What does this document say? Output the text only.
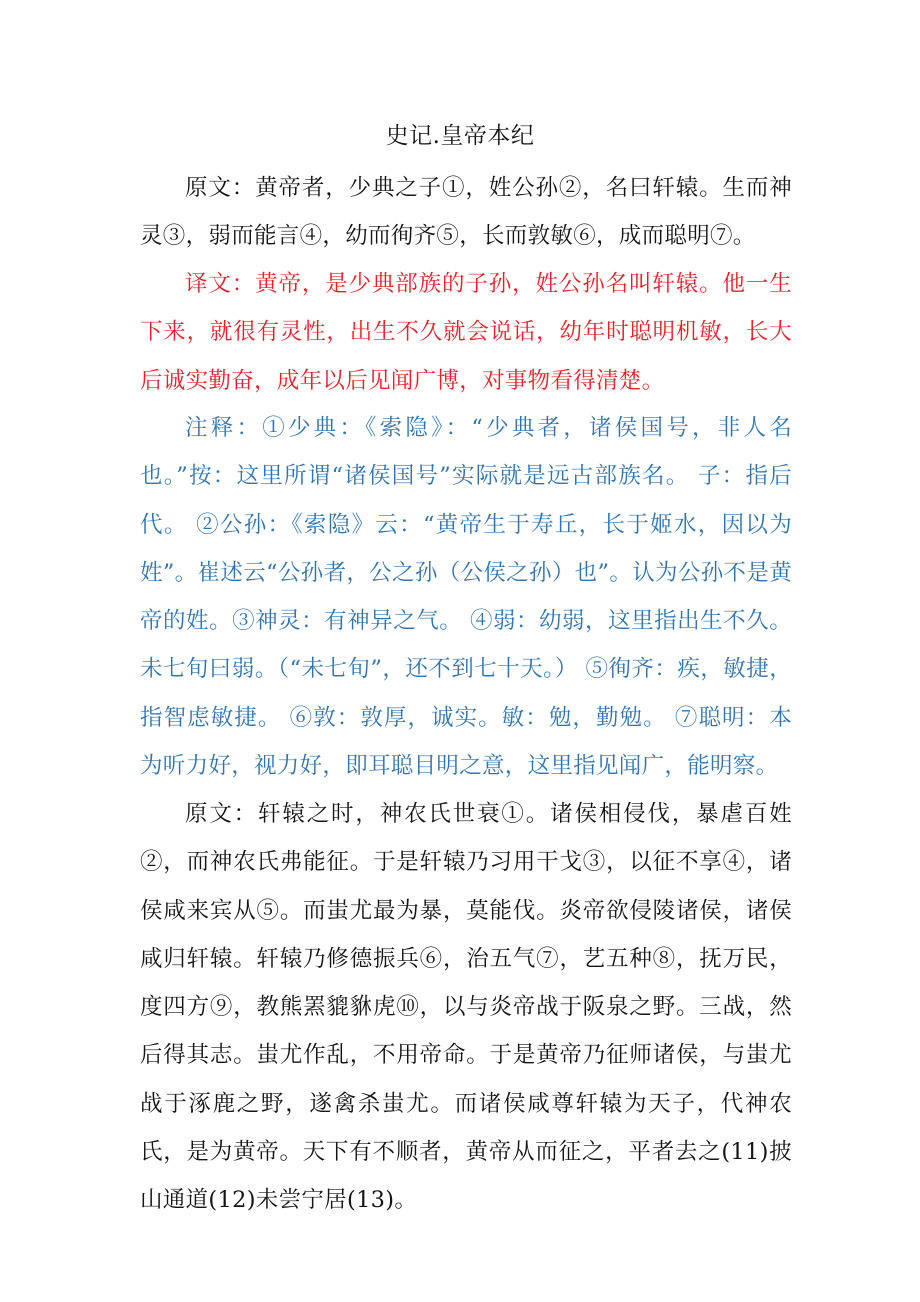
史记.皇帝本纪

原文：黄帝者，少典之子①，姓公孙②，名曰轩辕。生而神灵③，弱而能言④，幼而徇齐⑤，长而敦敏⑥，成而聪明⑦。

译文：黄帝，是少典部族的子孙，姓公孙名叫轩辕。他一生下来，就很有灵性，出生不久就会说话，幼年时聪明机敏，长大后诚实勤奋，成年以后见闻广博，对事物看得清楚。

注释：①少典：《索隐》：“少典者，诸侯国号，非人名也。”按：这里所谓“诸侯国号”实际就是远古部族名。 子：指后代。 ②公孙：《索隐》云：“黄帝生于寿丘，长于姬水，因以为姓”。崔述云“公孙者，公之孙（公侯之孙）也”。认为公孙不是黄帝的姓。③神灵：有神异之气。 ④弱：幼弱，这里指出生不久。未七旬曰弱。（“未七旬”，还不到七十天。） ⑤徇齐：疾，敏捷，指智虑敏捷。 ⑥敦：敦厚，诚实。敏：勉，勤勉。 ⑦聪明：本为听力好，视力好，即耳聪目明之意，这里指见闻广，能明察。

原文：轩辕之时，神农氏世衰①。诸侯相侵伐，暴虐百姓②，而神农氏弗能征。于是轩辕乃习用干戈③，以征不享④，诸侯咸来宾从⑤。而蚩尤最为暴，莫能伐。炎帝欲侵陵诸侯，诸侯咸归轩辕。轩辕乃修德振兵⑥，治五气⑦，艺五种⑧，抚万民，度四方⑨，教熊罴貔貅虎⑩，以与炎帝战于阪泉之野。三战，然后得其志。蚩尤作乱，不用帝命。于是黄帝乃征师诸侯，与蚩尤战于涿鹿之野，遂禽杀蚩尤。而诸侯咸尊轩辕为天子，代神农氏，是为黄帝。天下有不顺者，黄帝从而征之，平者去之(11)披山通道(12)未尝宁居(13)。
